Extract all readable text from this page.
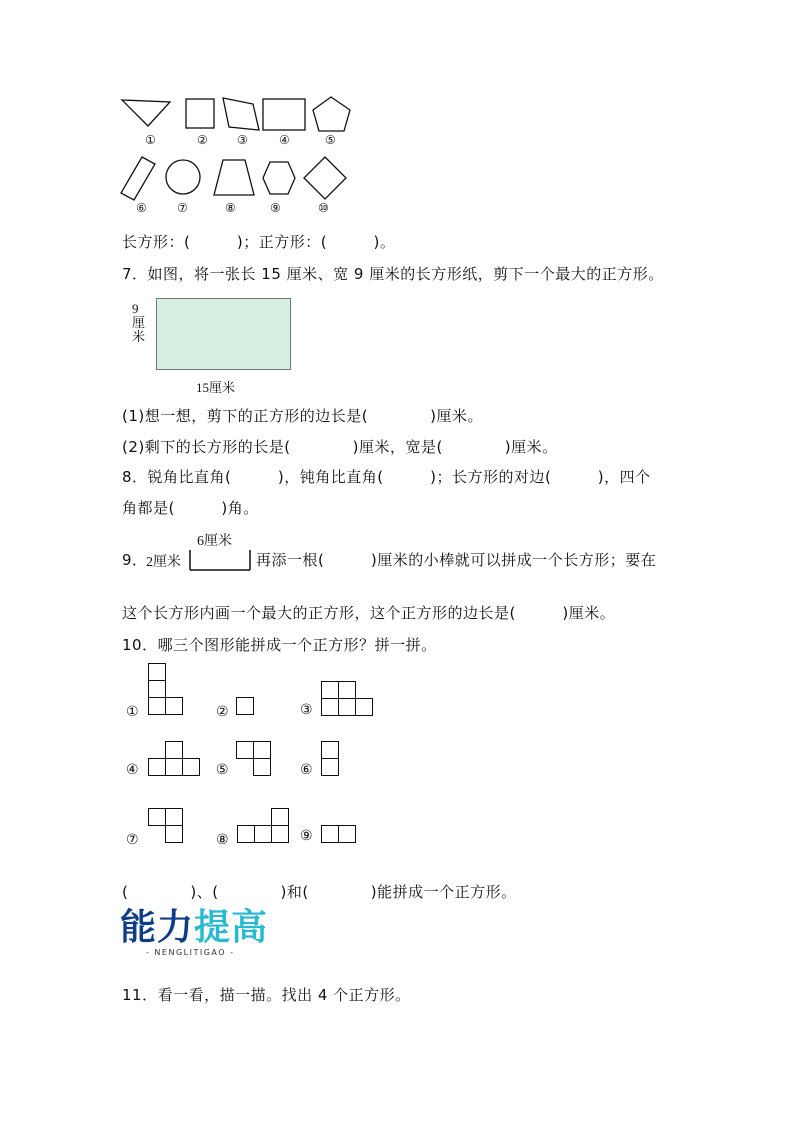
①	② ③	④	⑤
⑥	⑦	⑧	⑨	⑩
长方形：(　　　)；正方形：(　　　)。
7．如图，将一张长 15 厘米、宽 9 厘米的长方形纸，剪下一个最大的正方形。
9厘米
15厘米
(1)想一想，剪下的正方形的边长是(　　　　)厘米。
(2)剩下的长方形的长是(　　　　)厘米，宽是(　　　　)厘米。
8．锐角比直角(　　　)，钝角比直角(　　　)；长方形的对边(　　　)，四个
角都是(　　　)角。
9．
2厘米
6厘米
再添一根(　　　)厘米的小棒就可以拼成一个长方形；要在
这个长方形内画一个最大的正方形，这个正方形的边长是(　　　)厘米。
10．哪三个图形能拼成一个正方形？拼一拼。
①	②	③
④	⑤	⑥
⑦	⑧	⑨
(　　　　)、(　　　　)和(　　　　)能拼成一个正方形。
能力提高
- NENGLITIGAO -
11．看一看，描一描。找出 4 个正方形。
